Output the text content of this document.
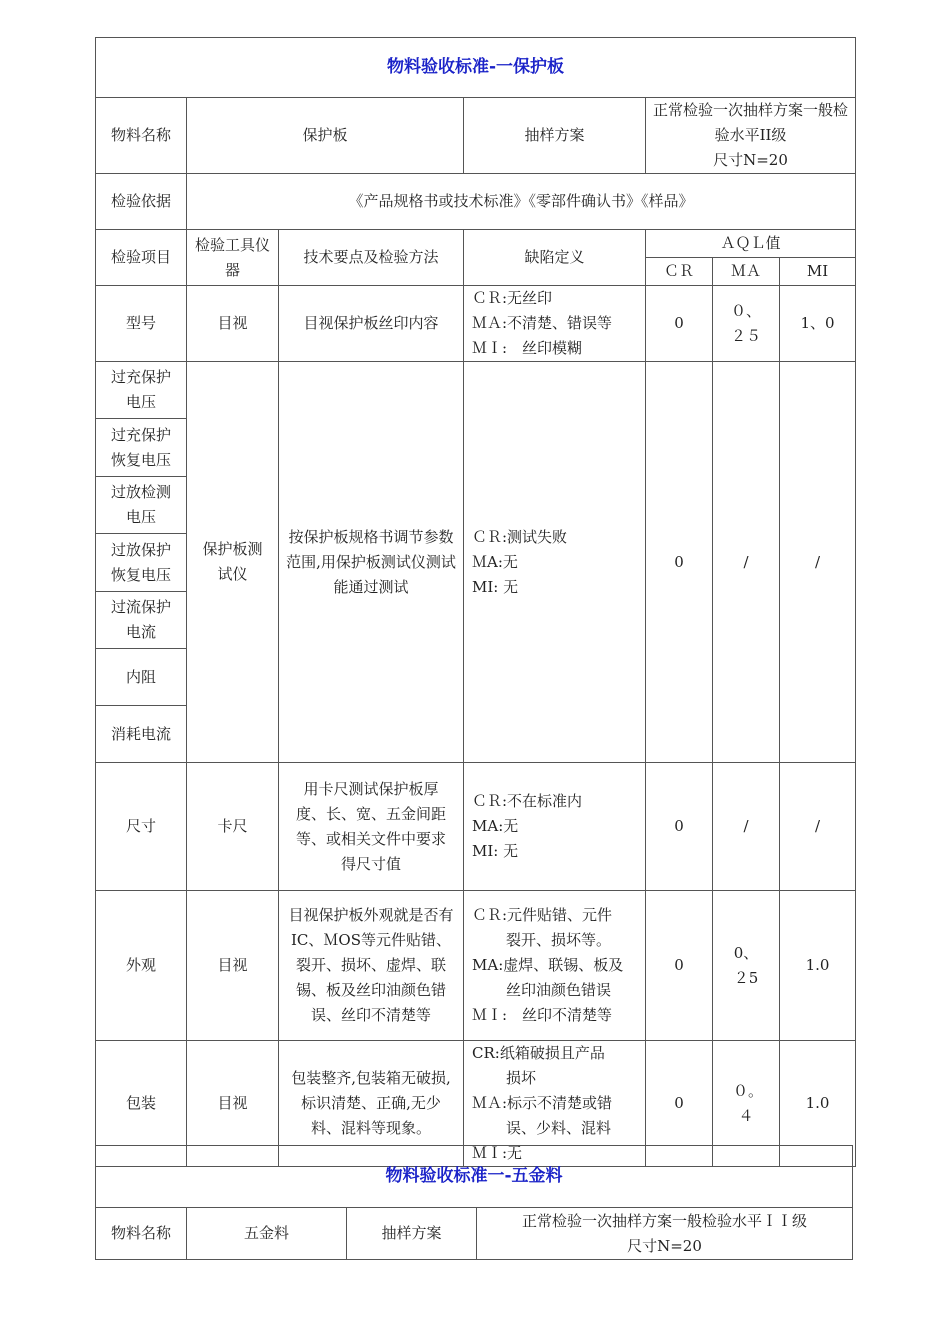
物料验收标准-一保护板						
物料名称	保护板		抽样方案	正常检验一次抽样方案一般检验水平II级
尺寸N=20		

检验依据	《产品规格书或技术标准》《零部件确认书》《样品》					
检验项目	检验工具仪器	技术要点及检验方法	缺陷定义	ＡＱＬ值		
				ＣＲ	ＭＡ	MI
型号	目视	目视保护板丝印内容	ＣＲ:无丝印
ＭＡ:不清楚、错误等
ＭＩ:　丝印模糊	0	０、２５	1、0
过充保护电压	保护板测试仪	按保护板规格书调节参数范围,用保护板测试仪测试能通过测试	ＣＲ:测试失败
ＭA:无
MI: 无	0	/	/
过充保护恢复电压						
过放检测电压						
过放保护恢复电压						
过流保护电流						
内阻						
消耗电流						
尺寸	卡尺	用卡尺测试保护板厚度、长、宽、五金间距等、或相关文件中要求得尺寸值	ＣＲ:不在标准内
MA:无
MI: 无	0	/	/
外观	目视	目视保护板外观就是否有IC、ＭOS等元件贴错、裂开、损坏、虚焊、联锡、板及丝印油颜色错误、丝印不清楚等	ＣＲ:元件贴错、元件
裂开、损坏等。
MA:虚焊、联锡、板及
丝印油颜色错误
ＭＩ:　丝印不清楚等	0	0、２5	1.0
包装	目视	包装整齐,包装箱无破损,标识清楚、正确,无少料、混料等现象。	CR:纸箱破损且产品
损坏
ＭＡ:标示不清楚或错
误、少料、混料
ＭＩ:无	0	０。４	1.0
物料验收标准一-五金料
物料名称	五金料	抽样方案	
正常检验一次抽样方案一般检验水平ＩＩ级
尺寸N=20
